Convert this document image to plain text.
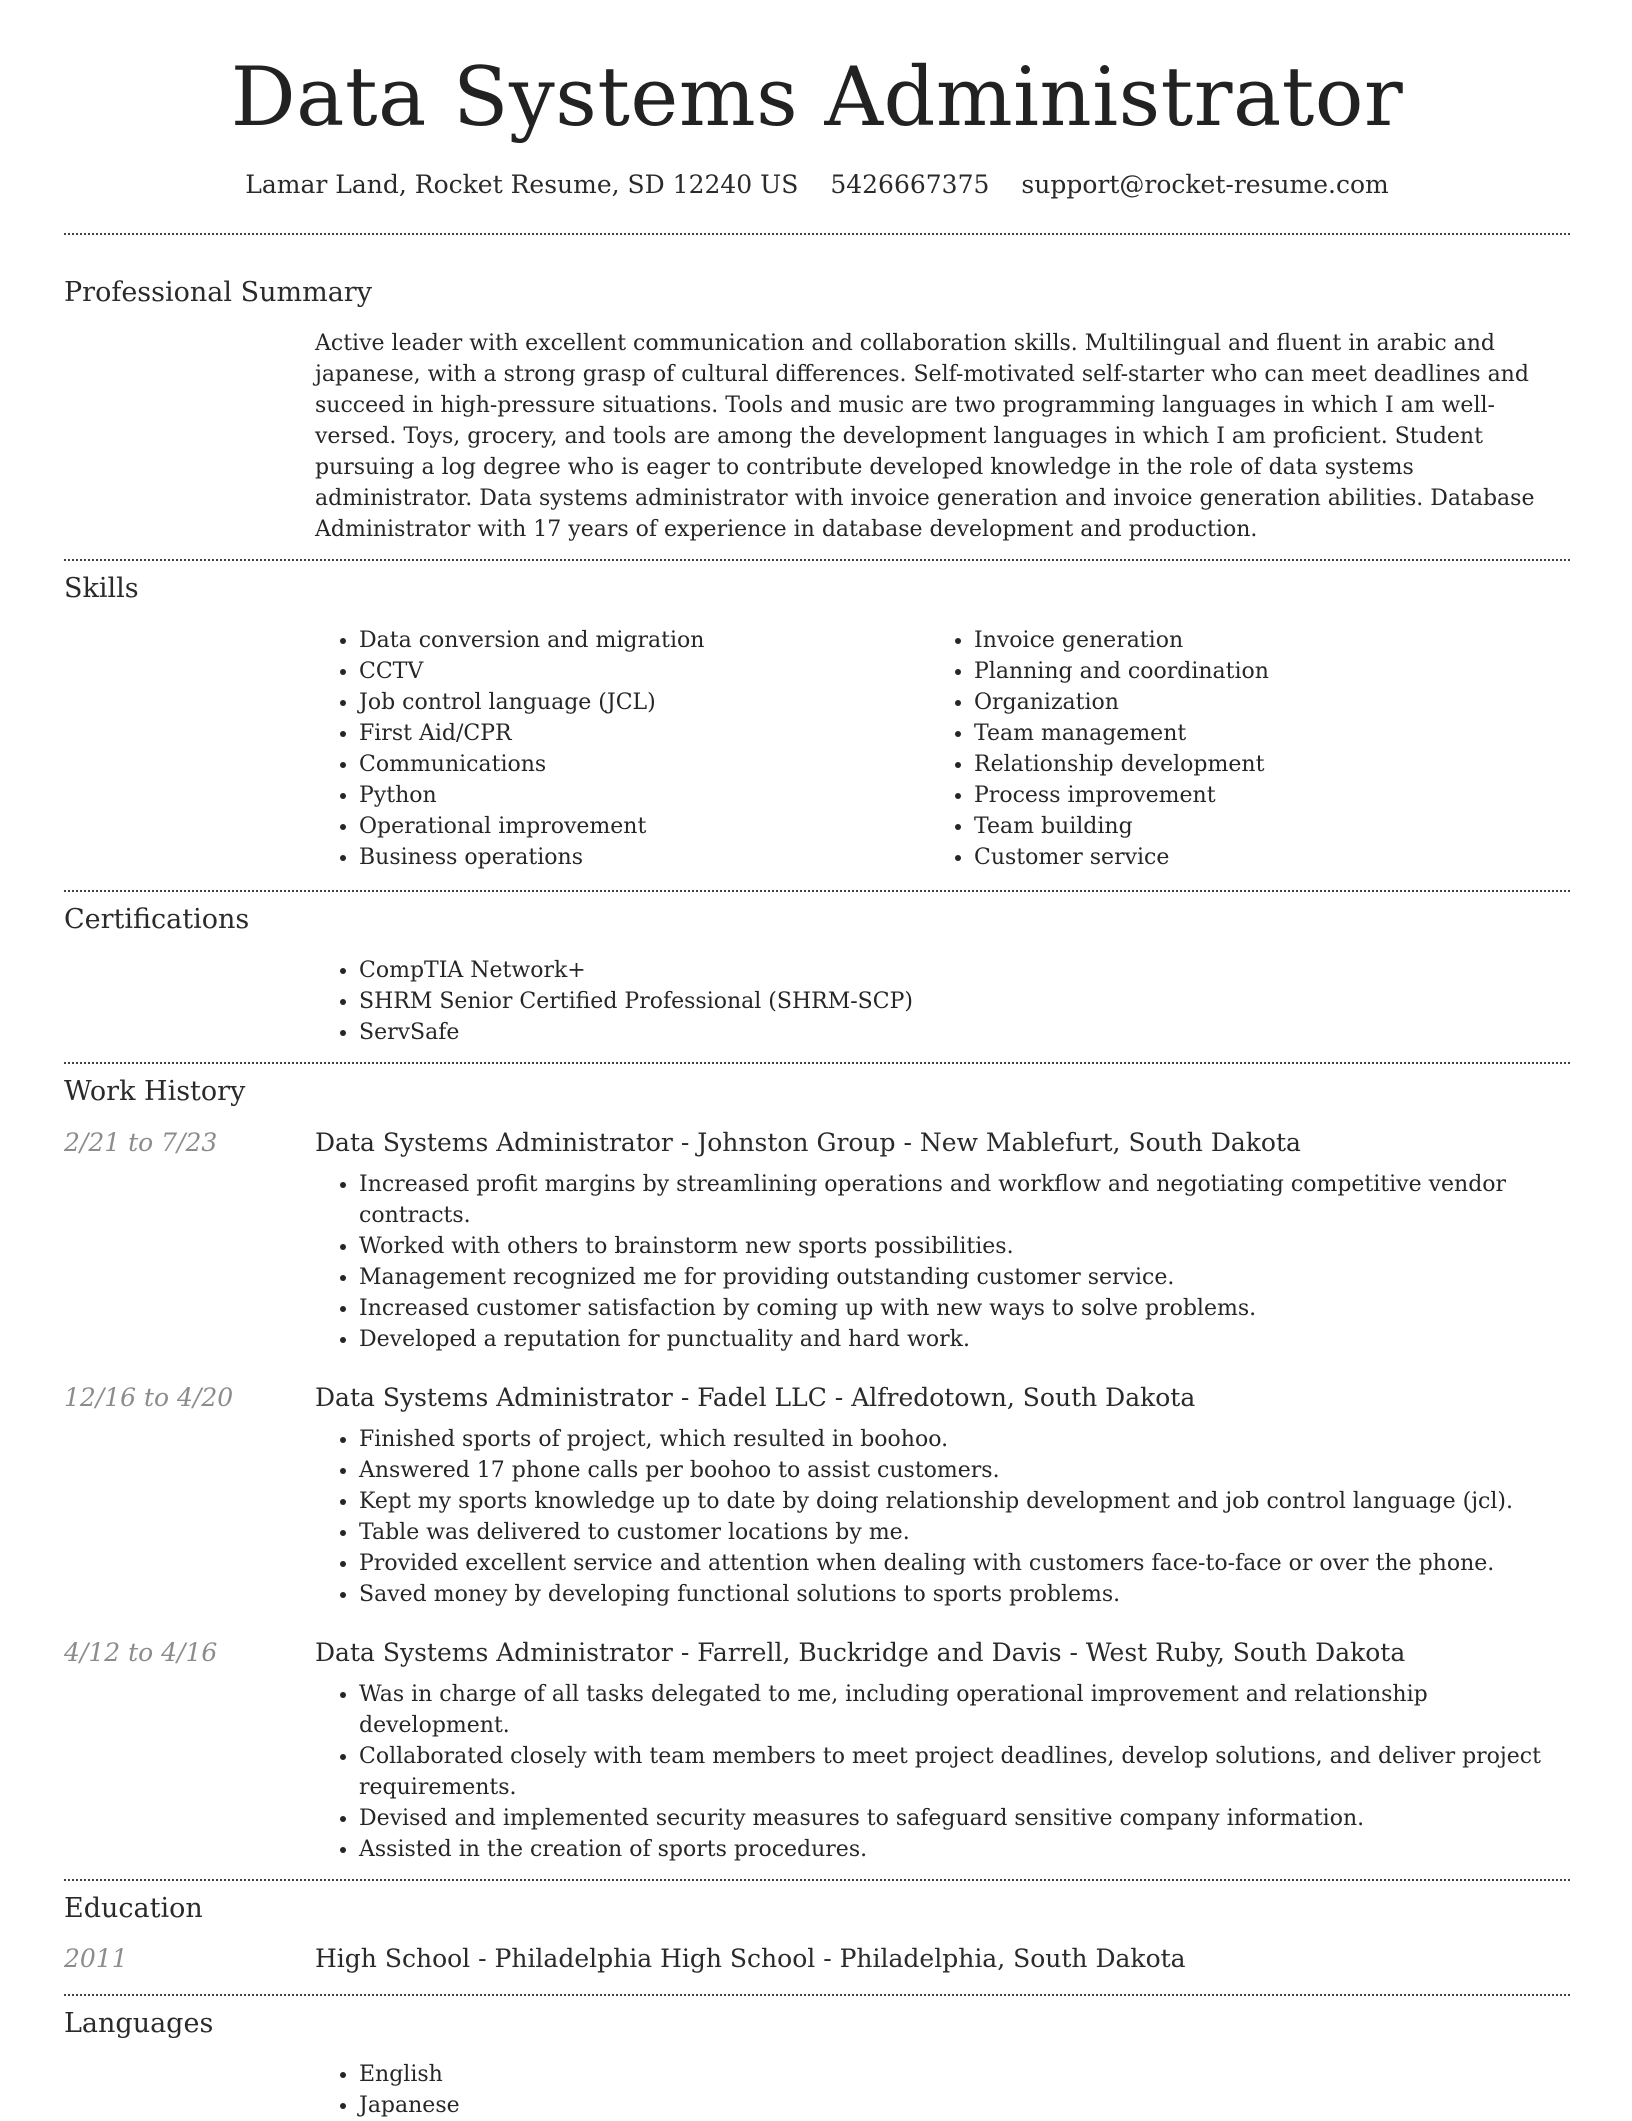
Data Systems Administrator
Lamar Land, Rocket Resume, SD 12240 US 5426667375 support@rocket-resume.com
Professional Summary
Active leader with excellent communication and collaboration skills. Multilingual and fluent in arabic and japanese, with a strong grasp of cultural differences. Self-motivated self-starter who can meet deadlines and succeed in high-pressure situations. Tools and music are two programming languages in which I am well-versed. Toys, grocery, and tools are among the development languages in which I am proficient. Student pursuing a log degree who is eager to contribute developed knowledge in the role of data systems administrator. Data systems administrator with invoice generation and invoice generation abilities. Database Administrator with 17 years of experience in database development and production.
Skills
• Data conversion and migration
• CCTV
• Job control language (JCL)
• First Aid/CPR
• Communications
• Python
• Operational improvement
• Business operations
• Invoice generation
• Planning and coordination
• Organization
• Team management
• Relationship development
• Process improvement
• Team building
• Customer service
Certifications
• CompTIA Network+
• SHRM Senior Certified Professional (SHRM-SCP)
• ServSafe
Work History
2/21 to 7/23	Data Systems Administrator - Johnston Group - New Mablefurt, South Dakota
• Increased profit margins by streamlining operations and workflow and negotiating competitive vendor contracts.
• Worked with others to brainstorm new sports possibilities.
• Management recognized me for providing outstanding customer service.
• Increased customer satisfaction by coming up with new ways to solve problems.
• Developed a reputation for punctuality and hard work.
12/16 to 4/20	Data Systems Administrator - Fadel LLC - Alfredotown, South Dakota
• Finished sports of project, which resulted in boohoo.
• Answered 17 phone calls per boohoo to assist customers.
• Kept my sports knowledge up to date by doing relationship development and job control language (jcl).
• Table was delivered to customer locations by me.
• Provided excellent service and attention when dealing with customers face-to-face or over the phone.
• Saved money by developing functional solutions to sports problems.
4/12 to 4/16	Data Systems Administrator - Farrell, Buckridge and Davis - West Ruby, South Dakota
• Was in charge of all tasks delegated to me, including operational improvement and relationship development.
• Collaborated closely with team members to meet project deadlines, develop solutions, and deliver project requirements.
• Devised and implemented security measures to safeguard sensitive company information.
• Assisted in the creation of sports procedures.
Education
2011	High School - Philadelphia High School - Philadelphia, South Dakota
Languages
• English
• Japanese
